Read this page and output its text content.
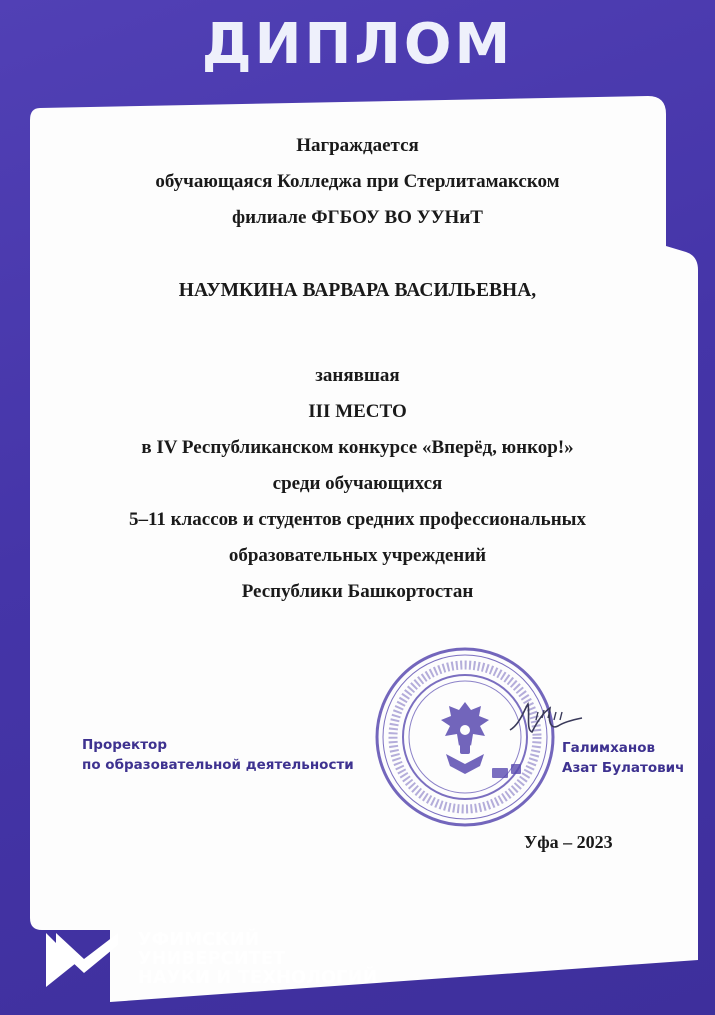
ДИПЛОМ
Награждается
обучающаяся Колледжа при Стерлитамакском
филиале ФГБОУ ВО УУНиТ
НАУМКИНА ВАРВАРА ВАСИЛЬЕВНА,
занявшая
III МЕСТО
в IV Республиканском конкурсе «Вперёд, юнкор!»
среди обучающихся
5–11 классов и студентов средних профессиональных
образовательных учреждений
Республики Башкортостан
Проректор
по образовательной деятельности
Галимханов
Азат Булатович
Уфа – 2023
УФИМСКИЙ
УНИВЕРСИТЕТ
НАУКИ И ТЕХНОЛОГИЙ
